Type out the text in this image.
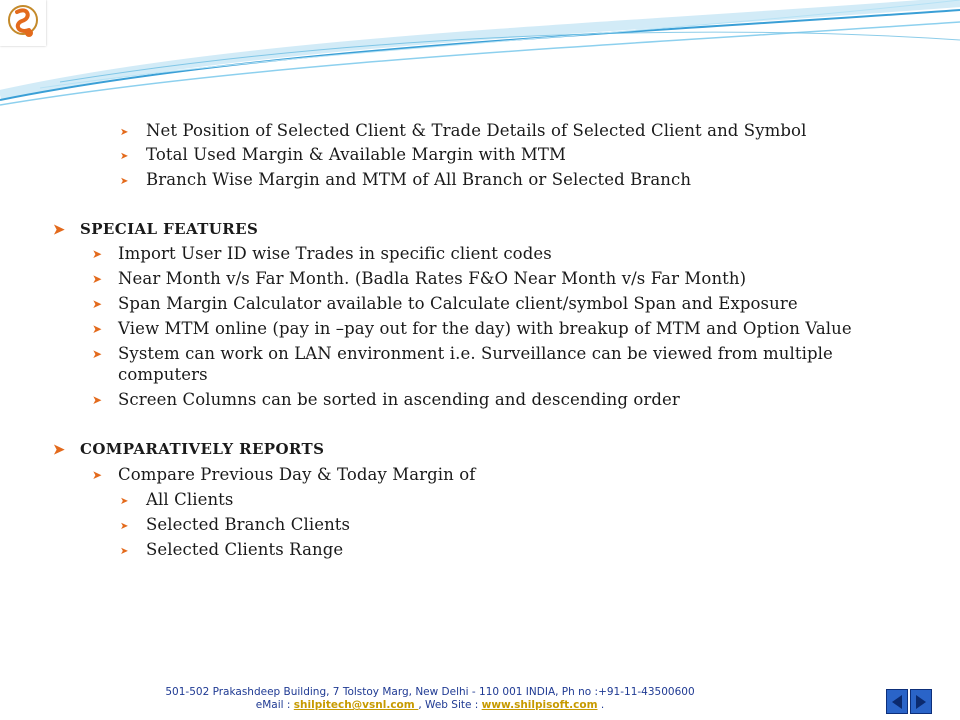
➤ Net Position of Selected Client & Trade Details of Selected Client and Symbol
➤ Total Used Margin & Available Margin with MTM
➤ Branch Wise Margin and MTM of All Branch or Selected Branch
➤ SPECIAL FEATURES
➤ Import User ID wise Trades in specific client codes
➤ Near Month v/s Far Month. (Badla Rates F&O Near Month v/s Far Month)
➤ Span Margin Calculator available to Calculate client/symbol Span and Exposure
➤ View MTM online (pay in –pay out for the day) with breakup of MTM and Option Value
➤ System can work on LAN environment i.e. Surveillance can be viewed from multiple computers
➤ Screen Columns can be sorted in ascending and descending order
➤ COMPARATIVELY REPORTS
➤ Compare Previous Day & Today Margin of
➤ All Clients
➤ Selected Branch Clients
➤ Selected Clients Range
501-502 Prakashdeep Building, 7 Tolstoy Marg, New Delhi - 110 001 INDIA, Ph no :+91-11-43500600
eMail : shilpitech@vsnl.com , Web Site : www.shilpisoft.com .
